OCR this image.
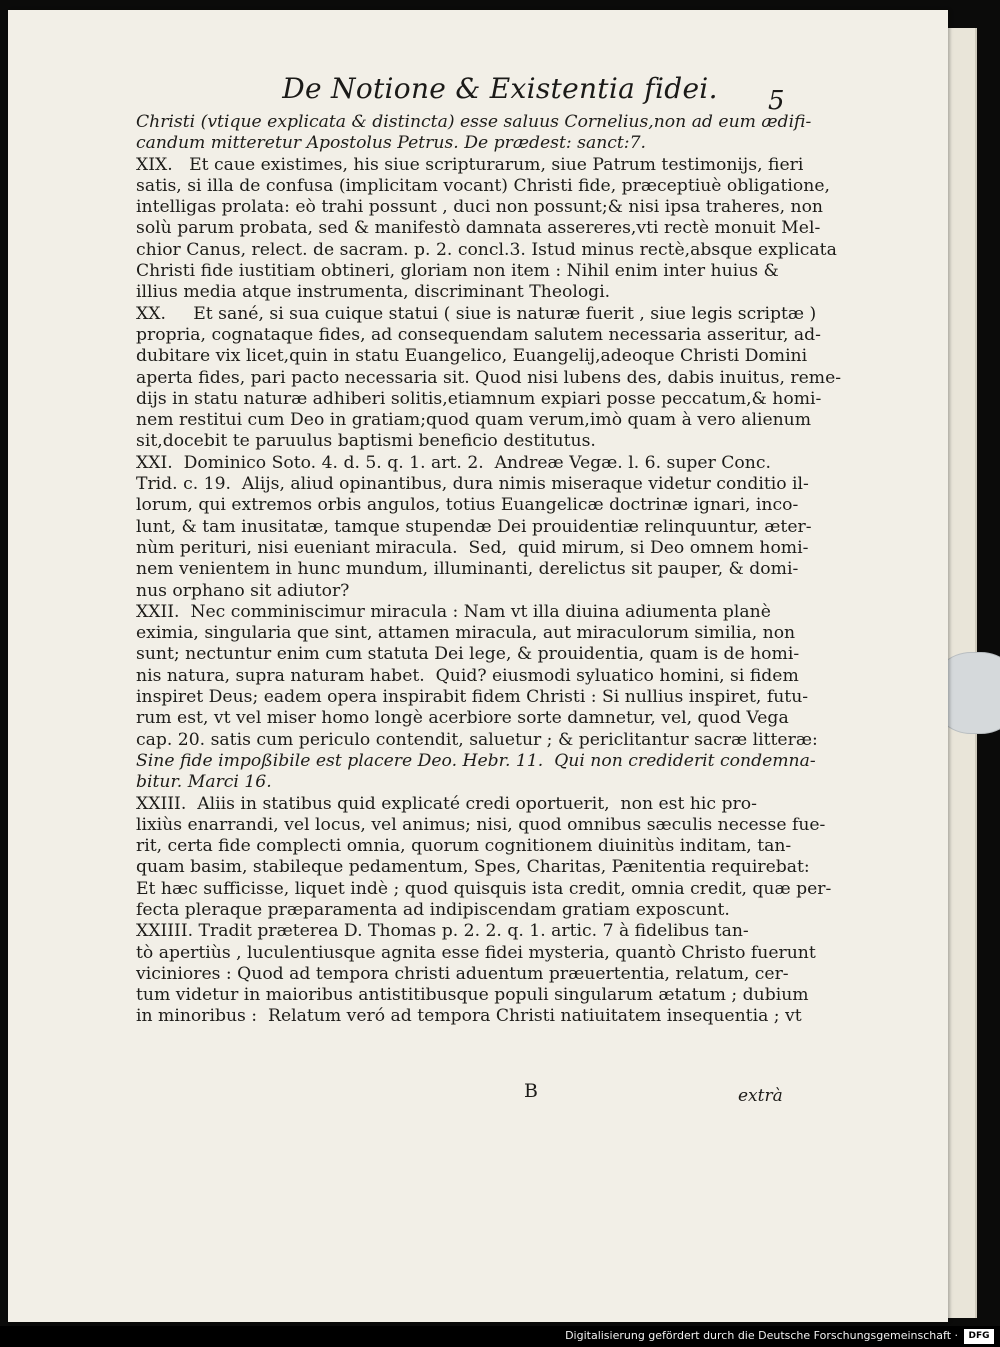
De Notione & Existentia fidei.	5
Christi (vtique explicata & distincta) esse saluus Cornelius,non ad eum ædifi-
candum mitteretur Apostolus Petrus. De prædest: sanct:7.
XIX.   Et caue existimes, his siue scripturarum, siue Patrum testimonijs, fieri
satis, si illa de confusa (implicitam vocant) Christi fide, præceptiuè obligatione,
intelligas prolata: eò trahi possunt , duci non possunt;& nisi ipsa traheres, non
solù parum probata, sed & manifestò damnata assereres,vti rectè monuit Mel-
chior Canus, relect. de sacram. p. 2. concl.3. Istud minus rectè,absque explicata
Christi fide iustitiam obtineri, gloriam non item : Nihil enim inter huius &
illius media atque instrumenta, discriminant Theologi.
XX.     Et sané, si sua cuique statui ( siue is naturæ fuerit , siue legis scriptæ )
propria, cognataque fides, ad consequendam salutem necessaria asseritur, ad-
dubitare vix licet,quin in statu Euangelico, Euangelij,adeoque Christi Domini
aperta fides, pari pacto necessaria sit. Quod nisi lubens des, dabis inuitus, reme-
dijs in statu naturæ adhiberi solitis,etiamnum expiari posse peccatum,& homi-
nem restitui cum Deo in gratiam;quod quam verum,imò quam à vero alienum
sit,docebit te paruulus baptismi beneficio destitutus.
XXI.  Dominico Soto. 4. d. 5. q. 1. art. 2.  Andreæ Vegæ. l. 6. super Conc.
Trid. c. 19.  Alijs, aliud opinantibus, dura nimis miseraque videtur conditio il-
lorum, qui extremos orbis angulos, totius Euangelicæ doctrinæ ignari, inco-
lunt, & tam inusitatæ, tamque stupendæ Dei prouidentiæ relinquuntur, æter-
nùm perituri, nisi eueniant miracula.  Sed,  quid mirum, si Deo omnem homi-
nem venientem in hunc mundum, illuminanti, derelictus sit pauper, & domi-
nus orphano sit adiutor?
XXII.  Nec comminiscimur miracula : Nam vt illa diuina adiumenta planè
eximia, singularia que sint, attamen miracula, aut miraculorum similia, non
sunt; nectuntur enim cum statuta Dei lege, & prouidentia, quam is de homi-
nis natura, supra naturam habet.  Quid? eiusmodi syluatico homini, si fidem
inspiret Deus; eadem opera inspirabit fidem Christi : Si nullius inspiret, futu-
rum est, vt vel miser homo longè acerbiore sorte damnetur, vel, quod Vega
cap. 20. satis cum periculo contendit, saluetur ; & periclitantur sacræ litteræ:
Sine fide impoßibile est placere Deo. Hebr. 11.  Qui non crediderit condemna-
bitur. Marci 16.
XXIII.  Aliis in statibus quid explicaté credi oportuerit,  non est hic pro-
lixiùs enarrandi, vel locus, vel animus; nisi, quod omnibus sæculis necesse fue-
rit, certa fide complecti omnia, quorum cognitionem diuinitùs inditam, tan-
quam basim, stabileque pedamentum, Spes, Charitas, Pænitentia requirebat:
Et hæc sufficisse, liquet indè ; quod quisquis ista credit, omnia credit, quæ per-
fecta pleraque præparamenta ad indipiscendam gratiam exposcunt.
XXIIII. Tradit præterea D. Thomas p. 2. 2. q. 1. artic. 7 à fidelibus tan-
tò apertiùs , luculentiusque agnita esse fidei mysteria, quantò Christo fuerunt
viciniores : Quod ad tempora christi aduentum præuertentia, relatum, cer-
tum videtur in maioribus antistitibusque populi singularum ætatum ; dubium
in minoribus :  Relatum veró ad tempora Christi natiuitatem insequentia ; vt
B	extrà
Digitalisierung gefördert durch die Deutsche Forschungsgemeinschaft ·	DFG
